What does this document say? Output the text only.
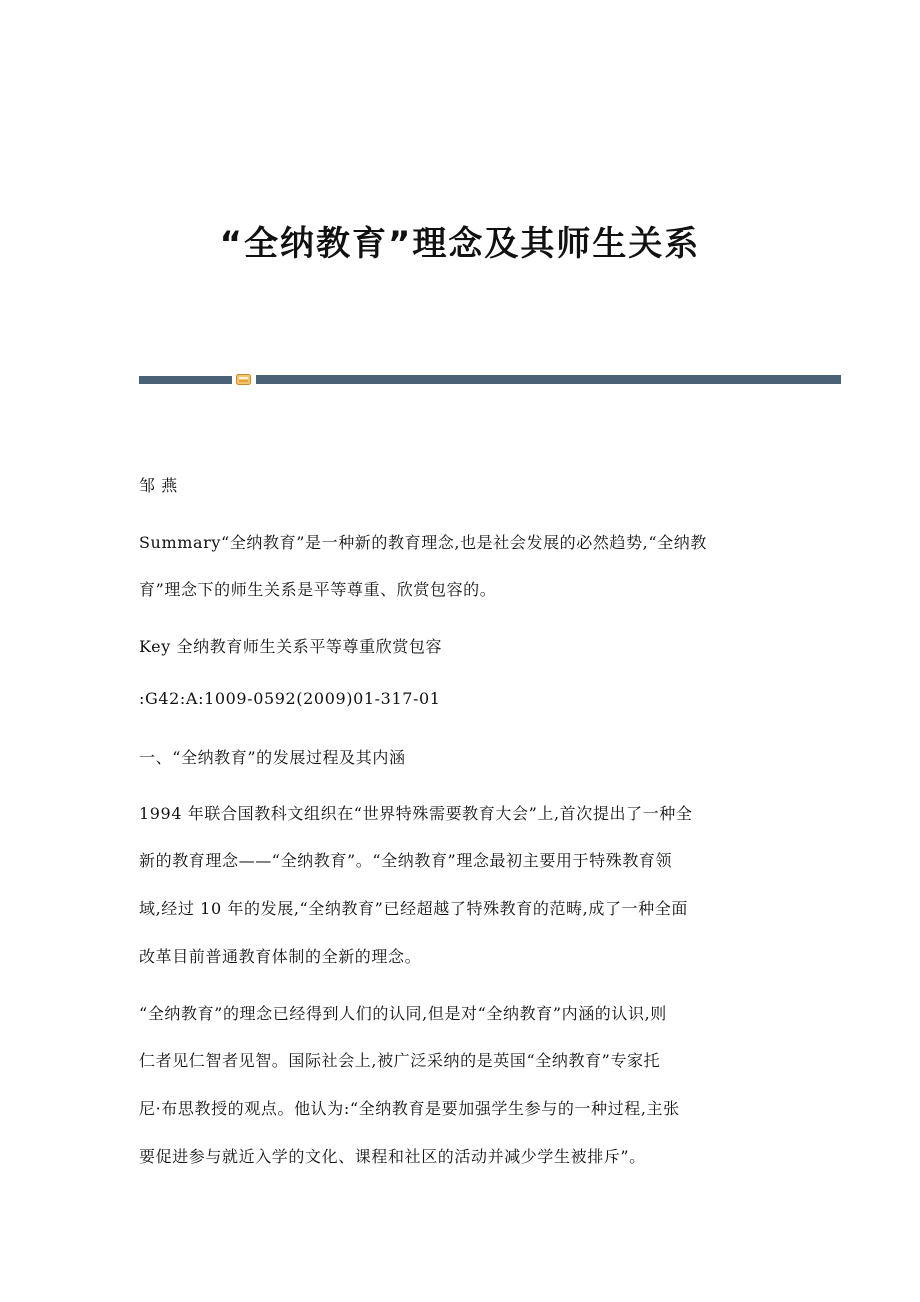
“全纳教育”理念及其师生关系

邹 燕

Summary“全纳教育”是一种新的教育理念,也是社会发展的必然趋势,“全纳教

育”理念下的师生关系是平等尊重、欣赏包容的。

Key 全纳教育师生关系平等尊重欣赏包容

:G42:A:1009-0592(2009)01-317-01

一、“全纳教育”的发展过程及其内涵

1994 年联合国教科文组织在“世界特殊需要教育大会”上,首次提出了一种全

新的教育理念——“全纳教育”。“全纳教育”理念最初主要用于特殊教育领

域,经过 10 年的发展,“全纳教育”已经超越了特殊教育的范畴,成了一种全面

改革目前普通教育体制的全新的理念。

“全纳教育”的理念已经得到人们的认同,但是对“全纳教育”内涵的认识,则

仁者见仁智者见智。国际社会上,被广泛采纳的是英国“全纳教育”专家托

尼·布思教授的观点。他认为:“全纳教育是要加强学生参与的一种过程,主张

要促进参与就近入学的文化、课程和社区的活动并减少学生被排斥”。
